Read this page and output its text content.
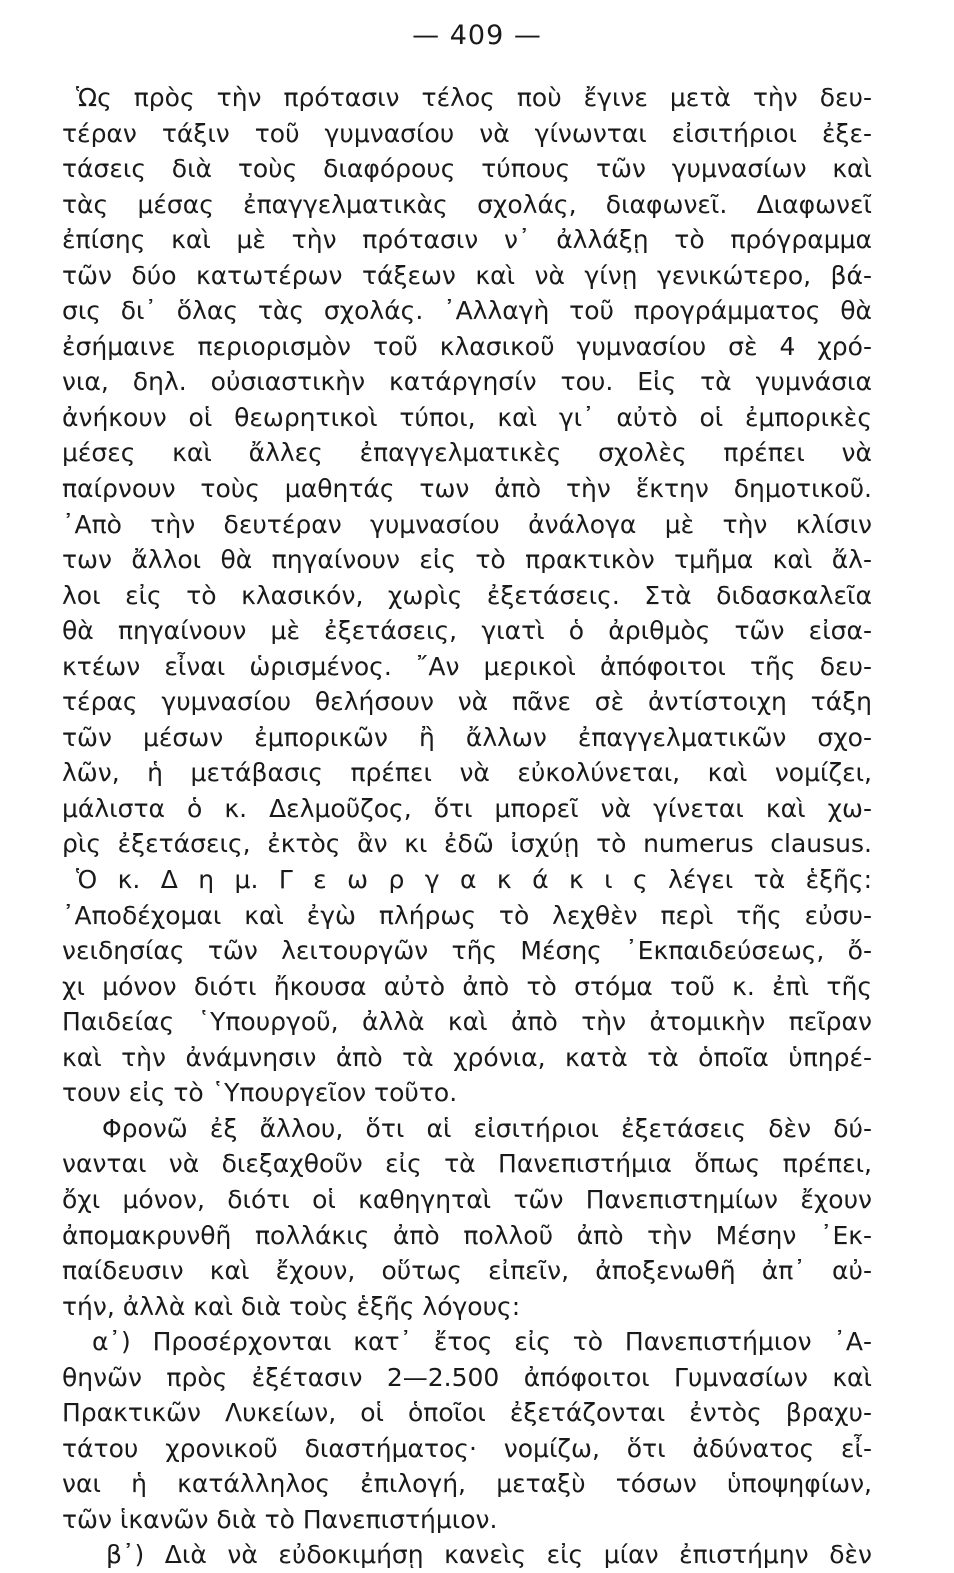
— 409 —
Ὡς πρὸς τὴν πρότασιν τέλος ποὺ ἔγινε μετὰ τὴν δευ-
τέραν τάξιν τοῦ γυμνασίου νὰ γίνωνται εἰσιτήριοι ἐξε-
τάσεις διὰ τοὺς διαφόρους τύπους τῶν γυμνασίων καὶ
τὰς μέσας ἐπαγγελματικὰς σχολάς, διαφωνεῖ. Διαφωνεῖ
ἐπίσης καὶ μὲ τὴν πρότασιν ν᾿ ἀλλάξῃ τὸ πρόγραμμα
τῶν δύο κατωτέρων τάξεων καὶ νὰ γίνῃ γενικώτερο, βά-
σις δι᾿ ὅλας τὰς σχολάς. ᾿Αλλαγὴ τοῦ προγράμματος θὰ
ἐσήμαινε περιορισμὸν τοῦ κλασικοῦ γυμνασίου σὲ 4 χρό-
νια, δηλ. οὐσιαστικὴν κατάργησίν του. Εἰς τὰ γυμνάσια
ἀνήκουν οἱ θεωρητικοὶ τύποι, καὶ γι᾿ αὐτὸ οἱ ἐμπορικὲς
μέσες καὶ ἄλλες ἐπαγγελματικὲς σχολὲς πρέπει νὰ
παίρνουν τοὺς μαθητάς των ἀπὸ τὴν ἕκτην δημοτικοῦ.
᾿Απὸ τὴν δευτέραν γυμνασίου ἀνάλογα μὲ τὴν κλίσιν
των ἄλλοι θὰ πηγαίνουν εἰς τὸ πρακτικὸν τμῆμα καὶ ἄλ-
λοι εἰς τὸ κλασικόν, χωρὶς ἐξετάσεις. Στὰ διδασκαλεῖα
θὰ πηγαίνουν μὲ ἐξετάσεις, γιατὶ ὁ ἀριθμὸς τῶν εἰσα-
κτέων εἶναι ὡρισμένος. ῎Αν μερικοὶ ἀπόφοιτοι τῆς δευ-
τέρας γυμνασίου θελήσουν νὰ πᾶνε σὲ ἀντίστοιχη τάξη
τῶν μέσων ἐμπορικῶν ἢ ἄλλων ἐπαγγελματικῶν σχο-
λῶν, ἡ μετάβασις πρέπει νὰ εὐκολύνεται, καὶ νομίζει,
μάλιστα ὁ κ. Δελμοῦζος, ὅτι μπορεῖ νὰ γίνεται καὶ χω-
ρὶς ἐξετάσεις, ἐκτὸς ἂν κι ἐδῶ ἰσχύῃ τὸ numerus clausus.
Ὁ κ. Δ η μ. Γ ε ω ρ γ α κ ά κ ι ς λέγει τὰ ἑξῆς:
᾿Αποδέχομαι καὶ ἐγὼ πλήρως τὸ λεχθὲν περὶ τῆς εὐσυ-
νειδησίας τῶν λειτουργῶν τῆς Μέσης ᾿Εκπαιδεύσεως, ὄ-
χι μόνον διότι ἤκουσα αὐτὸ ἀπὸ τὸ στόμα τοῦ κ. ἐπὶ τῆς
Παιδείας ῾Υπουργοῦ, ἀλλὰ καὶ ἀπὸ τὴν ἀτομικὴν πεῖραν
καὶ τὴν ἀνάμνησιν ἀπὸ τὰ χρόνια, κατὰ τὰ ὁποῖα ὑπηρέ-
τουν εἰς τὸ ῾Υπουργεῖον τοῦτο.
Φρονῶ ἐξ ἄλλου, ὅτι αἱ εἰσιτήριοι ἐξετάσεις δὲν δύ-
νανται νὰ διεξαχθοῦν εἰς τὰ Πανεπιστήμια ὅπως πρέπει,
ὄχι μόνον, διότι οἱ καθηγηταὶ τῶν Πανεπιστημίων ἔχουν
ἀπομακρυνθῆ πολλάκις ἀπὸ πολλοῦ ἀπὸ τὴν Μέσην ᾿Εκ-
παίδευσιν καὶ ἔχουν, οὕτως εἰπεῖν, ἀποξενωθῆ ἀπ᾿ αὐ-
τήν, ἀλλὰ καὶ διὰ τοὺς ἑξῆς λόγους:
α᾿) Προσέρχονται κατ᾿ ἔτος εἰς τὸ Πανεπιστήμιον ᾿Α-
θηνῶν πρὸς ἐξέτασιν 2—2.500 ἀπόφοιτοι Γυμνασίων καὶ
Πρακτικῶν Λυκείων, οἱ ὁποῖοι ἐξετάζονται ἐντὸς βραχυ-
τάτου χρονικοῦ διαστήματος· νομίζω, ὅτι ἀδύνατος εἶ-
ναι ἡ κατάλληλος ἐπιλογή, μεταξὺ τόσων ὑποψηφίων,
τῶν ἱκανῶν διὰ τὸ Πανεπιστήμιον.
β᾿) Διὰ νὰ εὐδοκιμήσῃ κανεὶς εἰς μίαν ἐπιστήμην δὲν
